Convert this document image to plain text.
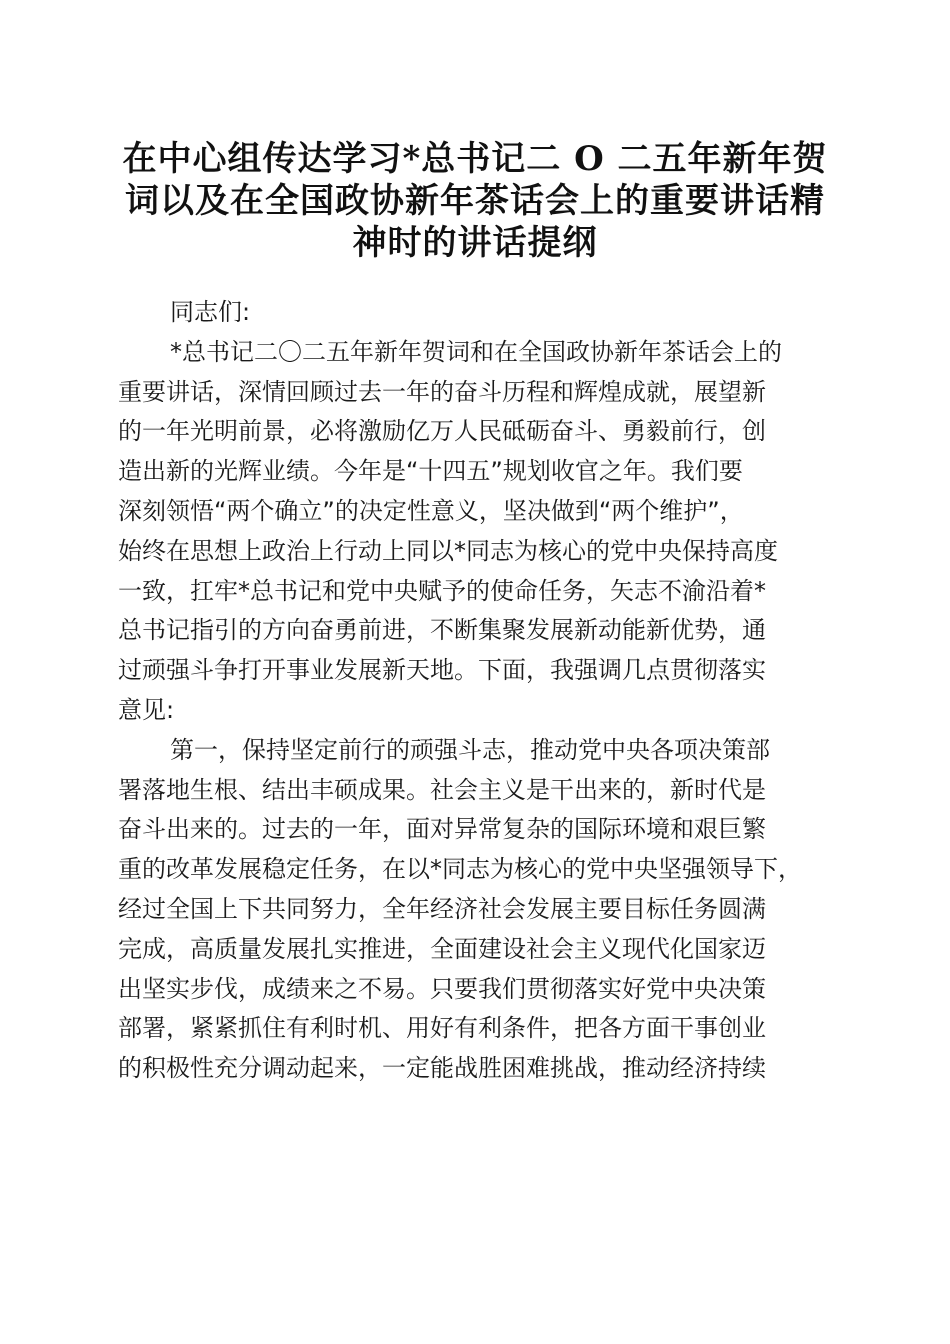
在中心组传达学习*总书记二 O 二五年新年贺
词以及在全国政协新年茶话会上的重要讲话精
神时的讲话提纲
同志们:
*总书记二〇二五年新年贺词和在全国政协新年茶话会上的
重要讲话，深情回顾过去一年的奋斗历程和辉煌成就，展望新
的一年光明前景，必将激励亿万人民砥砺奋斗、勇毅前行，创
造出新的光辉业绩。今年是“十四五”规划收官之年。我们要
深刻领悟“两个确立”的决定性意义，坚决做到“两个维护”，
始终在思想上政治上行动上同以*同志为核心的党中央保持高度
一致，扛牢*总书记和党中央赋予的使命任务，矢志不渝沿着*
总书记指引的方向奋勇前进，不断集聚发展新动能新优势，通
过顽强斗争打开事业发展新天地。下面，我强调几点贯彻落实
意见:
第一，保持坚定前行的顽强斗志，推动党中央各项决策部
署落地生根、结出丰硕成果。社会主义是干出来的，新时代是
奋斗出来的。过去的一年，面对异常复杂的国际环境和艰巨繁
重的改革发展稳定任务，在以*同志为核心的党中央坚强领导下，
经过全国上下共同努力，全年经济社会发展主要目标任务圆满
完成，高质量发展扎实推进，全面建设社会主义现代化国家迈
出坚实步伐，成绩来之不易。只要我们贯彻落实好党中央决策
部署，紧紧抓住有利时机、用好有利条件，把各方面干事创业
的积极性充分调动起来，一定能战胜困难挑战，推动经济持续
